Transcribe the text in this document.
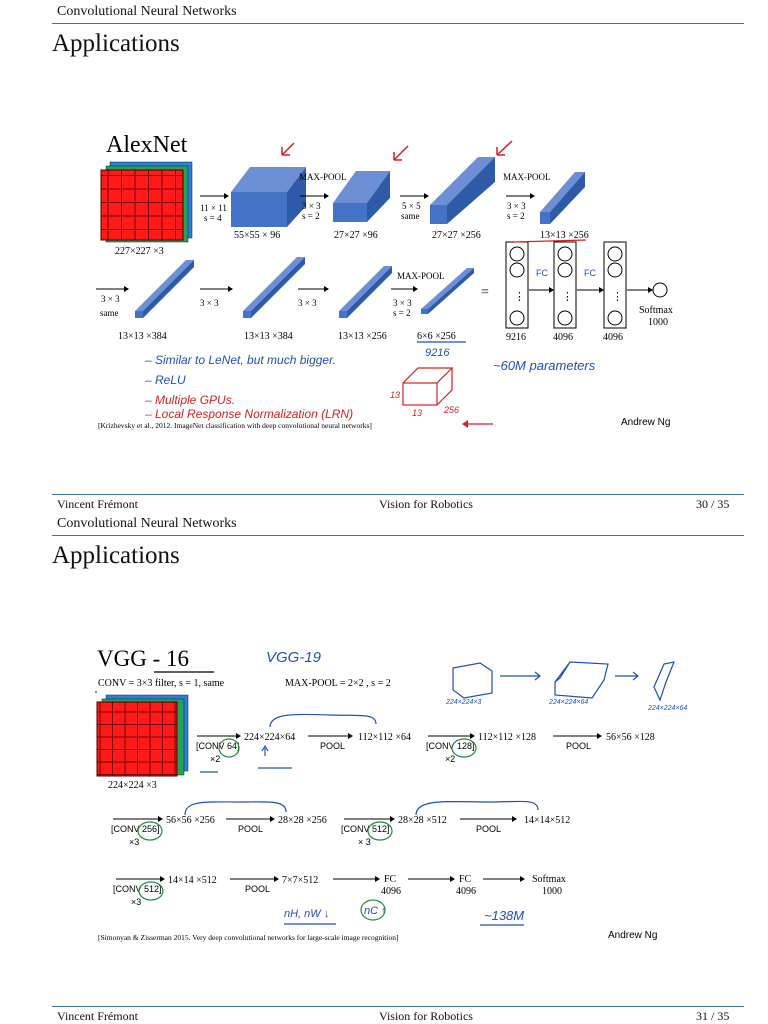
Convolutional Neural Networks
Applications
AlexNet
227×227 ×3
11 × 11
s = 4
MAX-POOL
3 × 3
s = 2
5 × 5
same
MAX-POOL
3 × 3
s = 2
55×55 × 96	27×27 ×96	27×27 ×256	13×13 ×256
3 × 3
same
3 × 3	3 × 3
MAX-POOL
3 × 3
s = 2
13×13 ×384	13×13 ×384	13×13 ×256	6×6 ×256
= ⋮	⋮	⋮
9216	4096	4096
Softmax
1000
FC	FC
9216
~60M parameters
– Similar to LeNet, but much bigger.
– ReLU
– Multiple GPUs.
– Local Response Normalization (LRN)
13
13 256
[Krizhevsky et al., 2012. ImageNet classification with deep convolutional neural networks]	Andrew Ng
Vincent Frémont	Vision for Robotics	30 / 35
Convolutional Neural Networks
Applications
VGG - 16	VGG-19
CONV = 3×3 filter, s = 1, same	MAX-POOL = 2×2 , s = 2
224×224 ×3
224×224×64	112×112 ×64	112×112 ×128	56×56 ×128
[CONV 64]
×2
POOL	[CONV 128]
×2
POOL
56×56 ×256	28×28 ×256	28×28 ×512	14×14×512
[CONV 256]
×3
POOL	[CONV 512]
× 3
POOL
14×14 ×512	7×7×512	FC
4096
FC
4096
Softmax
1000
[CONV 512]
×3
POOL
224×224×3	224×224×64
224×224×64
nH, nW ↓	nC ↑	~138M
[Simonyan & Zisserman 2015. Very deep convolutional networks for large-scale image recognition]	Andrew Ng
Vincent Frémont	Vision for Robotics	31 / 35
